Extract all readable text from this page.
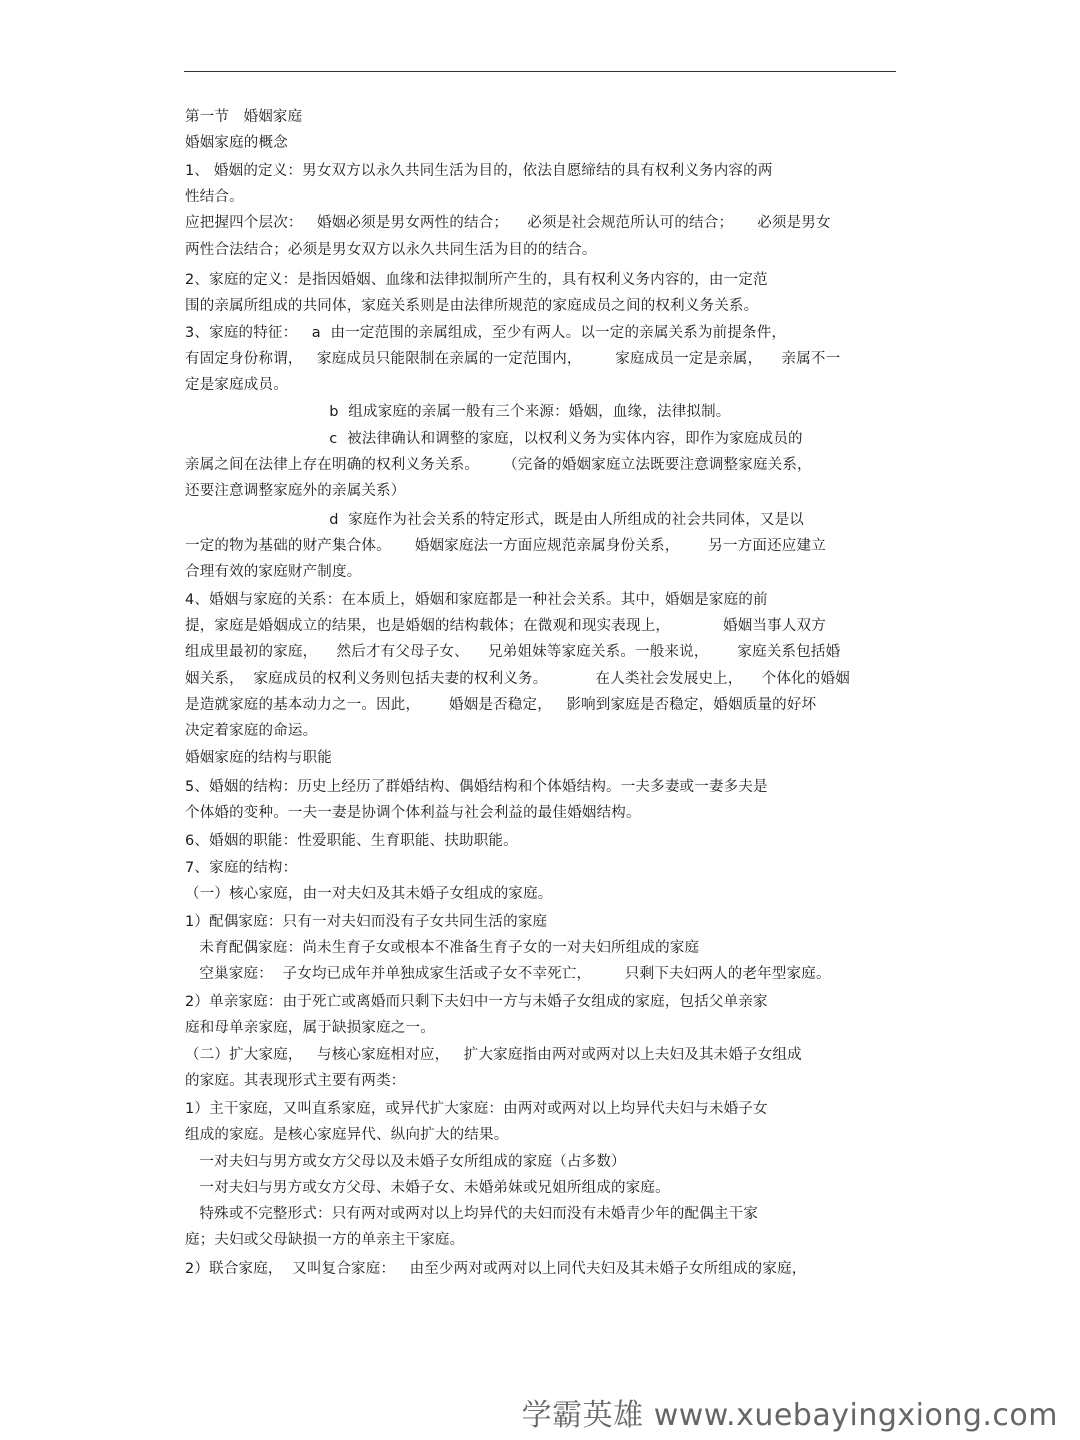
第一节   婚姻家庭
婚姻家庭的概念
1、 婚姻的定义：男女双方以永久共同生活为目的，依法自愿缔结的具有权利义务内容的两
性结合。
应把握四个层次：   婚姻必须是男女两性的结合；    必须是社会规范所认可的结合；     必须是男女
两性合法结合；必须是男女双方以永久共同生活为目的的结合。
2、家庭的定义：是指因婚姻、血缘和法律拟制所产生的，具有权利义务内容的，由一定范
围的亲属所组成的共同体，家庭关系则是由法律所规范的家庭成员之间的权利义务关系。
3、家庭的特征：   a  由一定范围的亲属组成，至少有两人。以一定的亲属关系为前提条件，
有固定身份称谓，   家庭成员只能限制在亲属的一定范围内，       家庭成员一定是亲属，    亲属不一
定是家庭成员。
b  组成家庭的亲属一般有三个来源：婚姻，血缘，法律拟制。
c  被法律确认和调整的家庭，以权利义务为实体内容，即作为家庭成员的
亲属之间在法律上存在明确的权利义务关系。     （完备的婚姻家庭立法既要注意调整家庭关系，
还要注意调整家庭外的亲属关系）
d  家庭作为社会关系的特定形式，既是由人所组成的社会共同体，又是以
一定的物为基础的财产集合体。     婚姻家庭法一方面应规范亲属身份关系，      另一方面还应建立
合理有效的家庭财产制度。
4、婚姻与家庭的关系：在本质上，婚姻和家庭都是一种社会关系。其中，婚姻是家庭的前
提，家庭是婚姻成立的结果，也是婚姻的结构载体；在微观和现实表现上，           婚姻当事人双方
组成里最初的家庭，    然后才有父母子女、    兄弟姐妹等家庭关系。一般来说，      家庭关系包括婚
姻关系，  家庭成员的权利义务则包括夫妻的权利义务。          在人类社会发展史上，    个体化的婚姻
是造就家庭的基本动力之一。因此，      婚姻是否稳定，   影响到家庭是否稳定，婚姻质量的好坏
决定着家庭的命运。
婚姻家庭的结构与职能
5、婚姻的结构：历史上经历了群婚结构、偶婚结构和个体婚结构。一夫多妻或一妻多夫是
个体婚的变种。一夫一妻是协调个体利益与社会利益的最佳婚姻结构。
6、婚姻的职能：性爱职能、生育职能、扶助职能。
7、家庭的结构：
（一）核心家庭，由一对夫妇及其未婚子女组成的家庭。
1）配偶家庭：只有一对夫妇而没有子女共同生活的家庭
未育配偶家庭：尚未生育子女或根本不准备生育子女的一对夫妇所组成的家庭
空巢家庭：  子女均已成年并单独成家生活或子女不幸死亡，       只剩下夫妇两人的老年型家庭。
2）单亲家庭：由于死亡或离婚而只剩下夫妇中一方与未婚子女组成的家庭，包括父单亲家
庭和母单亲家庭，属于缺损家庭之一。
（二）扩大家庭，   与核心家庭相对应，   扩大家庭指由两对或两对以上夫妇及其未婚子女组成
的家庭。其表现形式主要有两类：
1）主干家庭，又叫直系家庭，或异代扩大家庭：由两对或两对以上均异代夫妇与未婚子女
组成的家庭。是核心家庭异代、纵向扩大的结果。
一对夫妇与男方或女方父母以及未婚子女所组成的家庭（占多数）
一对夫妇与男方或女方父母、未婚子女、未婚弟妹或兄姐所组成的家庭。
特殊或不完整形式：只有两对或两对以上均异代的夫妇而没有未婚青少年的配偶主干家
庭；夫妇或父母缺损一方的单亲主干家庭。
2）联合家庭，  又叫复合家庭：   由至少两对或两对以上同代夫妇及其未婚子女所组成的家庭，
学霸英雄 www.xuebayingxiong.com
